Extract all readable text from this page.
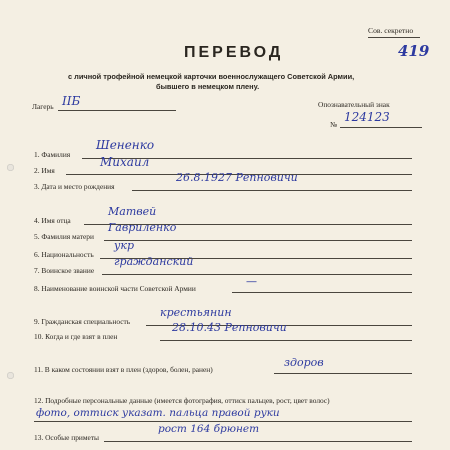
Сов. секретно
419
ПЕРЕВОД
с личной трофейной немецкой карточки военнослужащего Советской Армии,
бывшего в немецком плену.
Лагерь IIБ	Опознавательный знак
№
124123
1. Фамилия
Шененко
2. Имя
Михаил
3. Дата и место рождения
26.8.1927 Репновичи
4. Имя отца
Матвей
5. Фамилия матери
Гавриленко
6. Национальность
укр
7. Воинское звание
гражданский
8. Наименование воинской части Советской Армии
—
9. Гражданская специальность
крестьянин
10. Когда и где взят в плен
28.10.43 Репновичи
11. В каком состоянии взят в плен (здоров, болен, ранен)
здоров
12. Подробные персональные данные (имеется фотография, оттиск пальцев, рост, цвет волос)
фото, оттиск указат. пальца правой руки
13. Особые приметы
рост 164 брюнет
